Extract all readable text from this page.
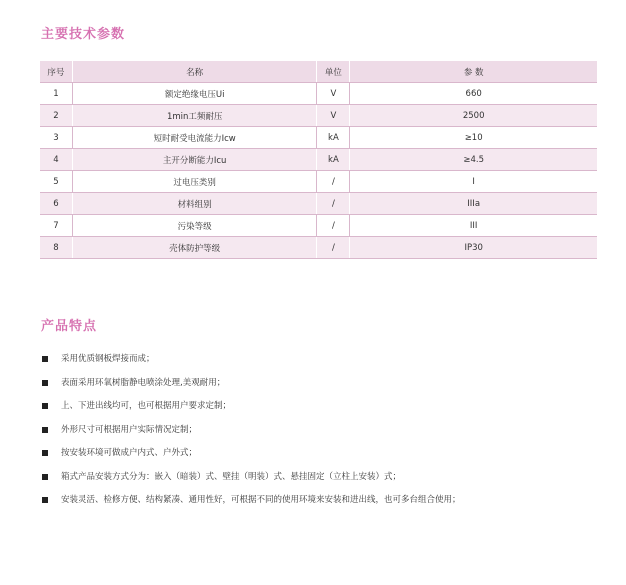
主要技术参数
序号	名称	单位	参 数
1	额定绝缘电压Ui	V	660
2	1min工频耐压	V	2500
3	短时耐受电流能力Icw	kA	≥10
4	主开分断能力Icu	kA	≥4.5
5	过电压类别	/	I
6	材料组别	/	IIIa
7	污染等级	/	III
8	壳体防护等级	/	IP30
产品特点
采用优质钢板焊接而成；
表面采用环氧树脂静电喷涂处理,美观耐用；
上、下进出线均可，也可根据用户要求定制；
外形尺寸可根据用户实际情况定制；
按安装环境可做成户内式、户外式；
箱式产品安装方式分为：嵌入（暗装）式、壁挂（明装）式、悬挂固定（立柱上安装）式；
安装灵活、检修方便、结构紧凑、通用性好，可根据不同的使用环境来安装和进出线，也可多台组合使用；
